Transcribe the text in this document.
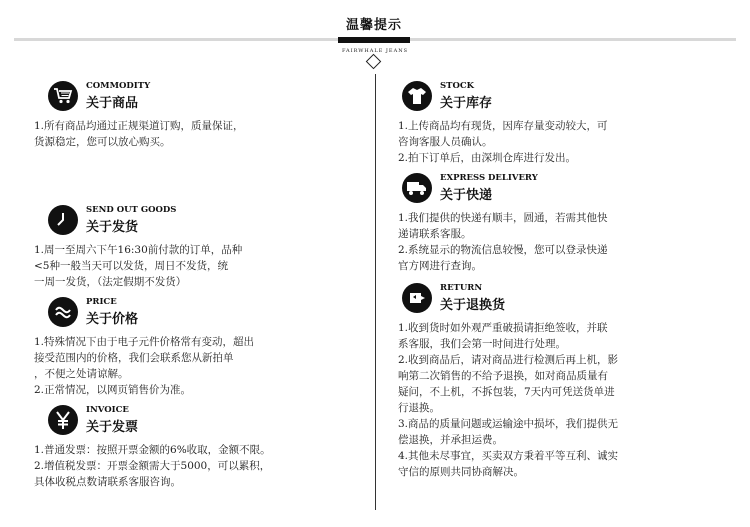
温馨提示
FAIRWHALE JEANS
COMMODITY
关于商品
1.所有商品均通过正规渠道订购，质量保证，
货源稳定，您可以放心购买。
SEND OUT GOODS
关于发货
1.周一至周六下午16:30前付款的订单，品种
<5种一般当天可以发货，周日不发货，统
一周一发货，（法定假期不发货）
PRICE
关于价格
1.特殊情况下由于电子元件价格常有变动，超出
接受范围内的价格，我们会联系您从新拍单
，不便之处请谅解。
2.正常情况，以网页销售价为准。
INVOICE
关于发票
1.普通发票：按照开票金额的6%收取，金额不限。
2.增值税发票：开票金额需大于5000，可以累积，
具体收税点数请联系客服咨询。
STOCK
关于库存
1.上传商品均有现货，因库存量变动较大，可
咨询客服人员确认。
2.拍下订单后，由深圳仓库进行发出。
EXPRESS DELIVERY
关于快递
1.我们提供的快递有顺丰，圆通，若需其他快
递请联系客服。
2.系统显示的物流信息较慢，您可以登录快递
官方网进行查询。
RETURN
关于退换货
1.收到货时如外观严重破损请拒绝签收，并联
系客服，我们会第一时间进行处理。
2.收到商品后，请对商品进行检测后再上机，影
响第二次销售的不给予退换，如对商品质量有
疑问，不上机，不拆包装，7天内可凭送货单进
行退换。
3.商品的质量问题或运输途中损坏，我们提供无
偿退换，并承担运费。
4.其他未尽事宜，买卖双方秉着平等互利、诚实
守信的原则共同协商解决。
